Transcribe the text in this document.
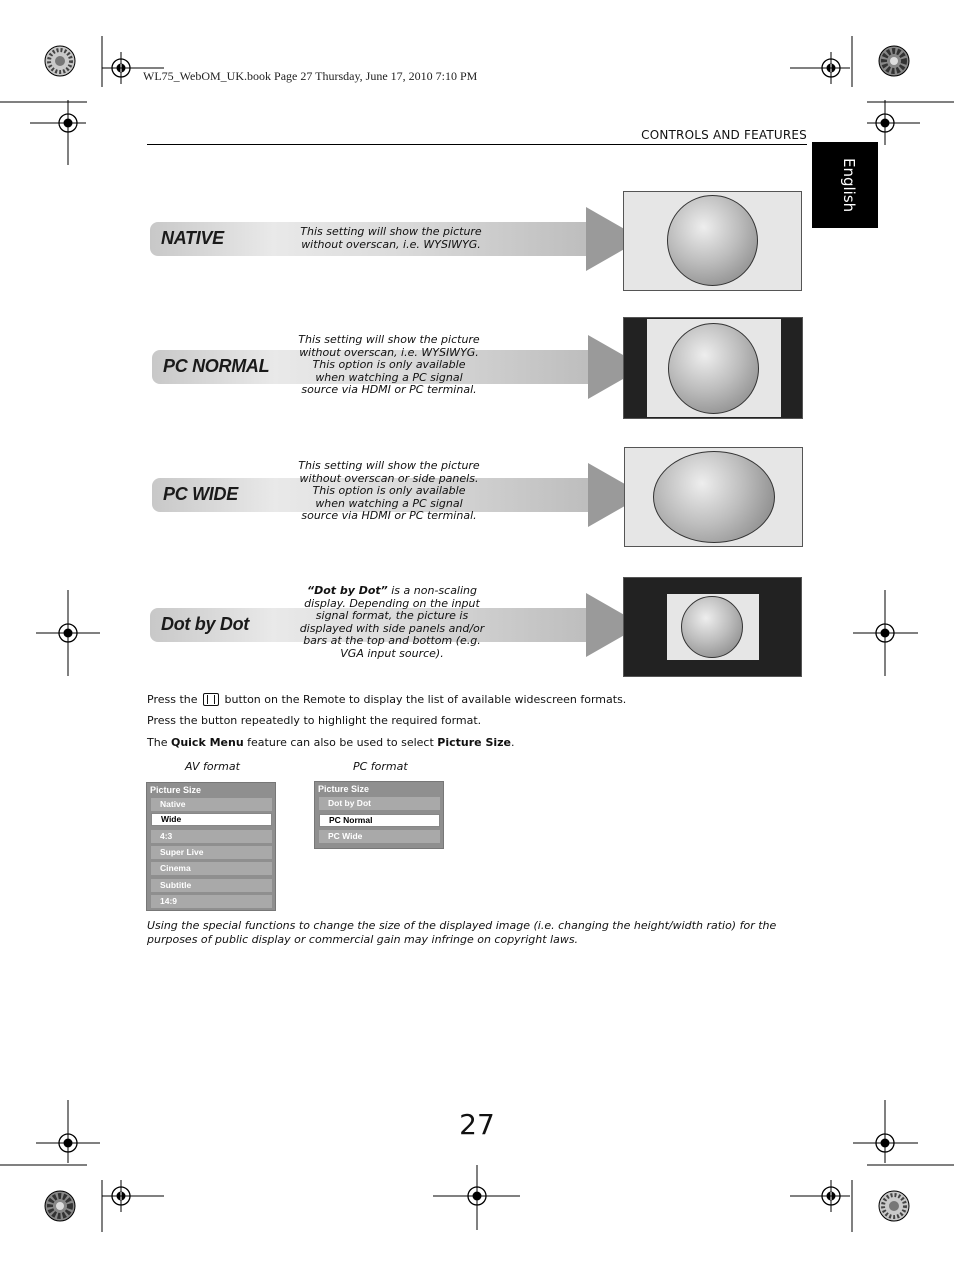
WL75_WebOM_UK.book Page 27 Thursday, June 17, 2010 7:10 PM
CONTROLS AND FEATURES
English
NATIVE	This setting will show the picture without overscan, i.e. WYSIWYG.
PC NORMAL
This setting will show the picture without overscan, i.e. WYSIWYG. This option is only available when watching a PC signal source via HDMI or PC terminal.
PC WIDE
This setting will show the picture without overscan or side panels. This option is only available when watching a PC signal source via HDMI or PC terminal.
Dot by Dot
“Dot by Dot” is a non-scaling display. Depending on the input signal format, the picture is displayed with side panels and/or bars at the top and bottom (e.g. VGA input source).
Press the button on the Remote to display the list of available widescreen formats.
Press the button repeatedly to highlight the required format.
The Quick Menu feature can also be used to select Picture Size.
AV format
Picture Size
Native
Wide
4:3
Super Live
Cinema
Subtitle
14:9
PC format
Picture Size
Dot by Dot
PC Normal
PC Wide
Using the special functions to change the size of the displayed image (i.e. changing the height/width ratio) for the purposes of public display or commercial gain may infringe on copyright laws.
27
